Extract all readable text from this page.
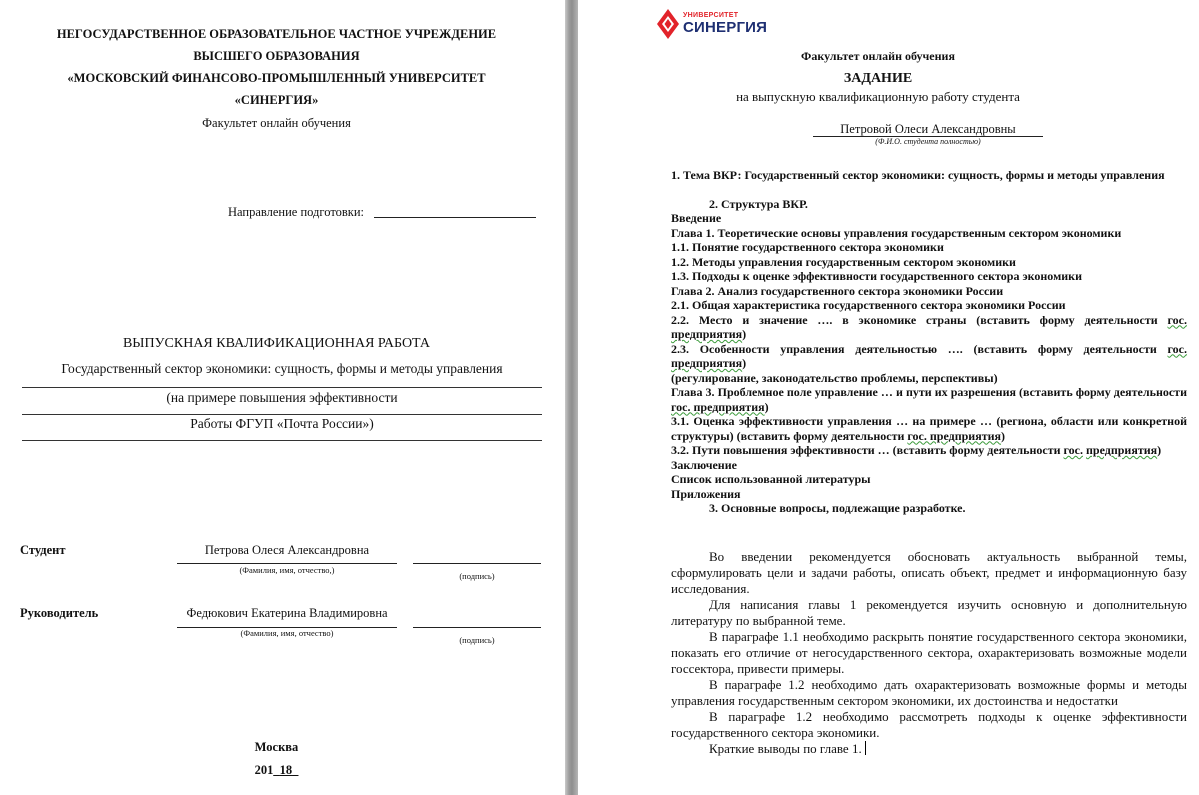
НЕГОСУДАРСТВЕННОЕ ОБРАЗОВАТЕЛЬНОЕ ЧАСТНОЕ УЧРЕЖДЕНИЕ
ВЫСШЕГО ОБРАЗОВАНИЯ
«МОСКОВСКИЙ ФИНАНСОВО-ПРОМЫШЛЕННЫЙ УНИВЕРСИТЕТ
«СИНЕРГИЯ»
Факультет онлайн обучения
Направление подготовки:
ВЫПУСКНАЯ КВАЛИФИКАЦИОННАЯ РАБОТА
Государственный сектор экономики: сущность, формы и методы управления
(на примере повышения эффективности
Работы ФГУП «Почта России»)
Студент	Петрова Олеся Александровна
(Фамилия, имя, отчество,)
(подпись)
Руководитель	Федюкович Екатерина Владимировна
(Фамилия, имя, отчество)
(подпись)
Москва
201_18_
УНИВЕРСИТЕТ
СИНЕРГИЯ
Факультет онлайн обучения
ЗАДАНИЕ
на выпускную квалификационную работу студента
Петровой Олеси Александровны
(Ф.И.О. студента полностью)
1. Тема ВКР: Государственный сектор экономики: сущность, формы и методы управления
2. Структура ВКР.
Введение
Глава 1. Теоретические основы управления государственным сектором экономики
1.1. Понятие государственного сектора экономики
1.2. Методы управления государственным сектором экономики
1.3. Подходы к оценке эффективности государственного сектора экономики
Глава 2. Анализ государственного сектора экономики России
2.1. Общая характеристика государственного сектора экономики России
2.2. Место и значение …. в экономике страны (вставить форму деятельности гос. предприятия)
2.3. Особенности управления деятельностью …. (вставить форму деятельности гос. предприятия)
(регулирование, законодательство проблемы, перспективы)
Глава 3. Проблемное поле управление … и пути их разрешения (вставить форму деятельности гос. предприятия)
3.1. Оценка эффективности управления … на примере … (региона, области или конкретной структуры) (вставить форму деятельности гос. предприятия)
3.2. Пути повышения эффективности … (вставить форму деятельности гос. предприятия)
Заключение
Список использованной литературы
Приложения
3. Основные вопросы, подлежащие разработке.
Во введении рекомендуется обосновать актуальность выбранной темы, сформулировать цели и задачи работы, описать объект, предмет и информационную базу исследования.
Для написания главы 1 рекомендуется изучить основную и дополнительную литературу по выбранной теме.
В параграфе 1.1 необходимо раскрыть понятие государственного сектора экономики, показать его отличие от негосударственного сектора, охарактеризовать возможные модели госсектора, привести примеры.
В параграфе 1.2 необходимо дать охарактеризовать возможные формы и методы управления государственным сектором экономики, их достоинства и недостатки
В параграфе 1.2 необходимо рассмотреть подходы к оценке эффективности государственного сектора экономики.
Краткие выводы по главе 1.
